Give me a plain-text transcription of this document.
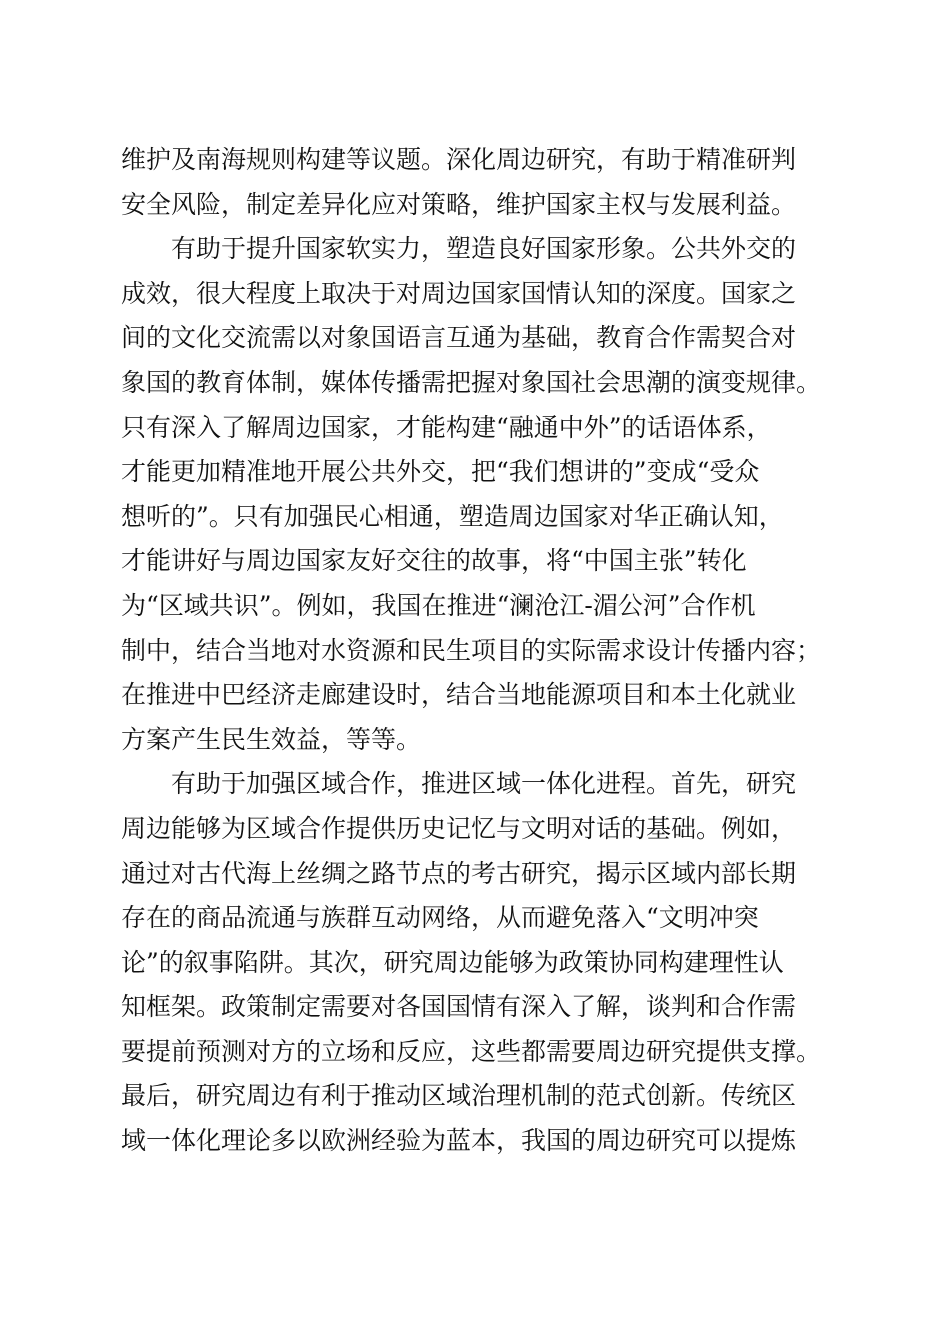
维护及南海规则构建等议题。深化周边研究，有助于精准研判
安全风险，制定差异化应对策略，维护国家主权与发展利益。
有助于提升国家软实力，塑造良好国家形象。公共外交的
成效，很大程度上取决于对周边国家国情认知的深度。国家之
间的文化交流需以对象国语言互通为基础，教育合作需契合对
象国的教育体制，媒体传播需把握对象国社会思潮的演变规律。
只有深入了解周边国家，才能构建“融通中外”的话语体系，
才能更加精准地开展公共外交，把“我们想讲的”变成“受众
想听的”。只有加强民心相通，塑造周边国家对华正确认知，
才能讲好与周边国家友好交往的故事，将“中国主张”转化
为“区域共识”。例如，我国在推进“澜沧江-湄公河”合作机
制中，结合当地对水资源和民生项目的实际需求设计传播内容；
在推进中巴经济走廊建设时，结合当地能源项目和本土化就业
方案产生民生效益，等等。
有助于加强区域合作，推进区域一体化进程。首先，研究
周边能够为区域合作提供历史记忆与文明对话的基础。例如，
通过对古代海上丝绸之路节点的考古研究，揭示区域内部长期
存在的商品流通与族群互动网络，从而避免落入“文明冲突
论”的叙事陷阱。其次，研究周边能够为政策协同构建理性认
知框架。政策制定需要对各国国情有深入了解，谈判和合作需
要提前预测对方的立场和反应，这些都需要周边研究提供支撑。
最后，研究周边有利于推动区域治理机制的范式创新。传统区
域一体化理论多以欧洲经验为蓝本，我国的周边研究可以提炼
